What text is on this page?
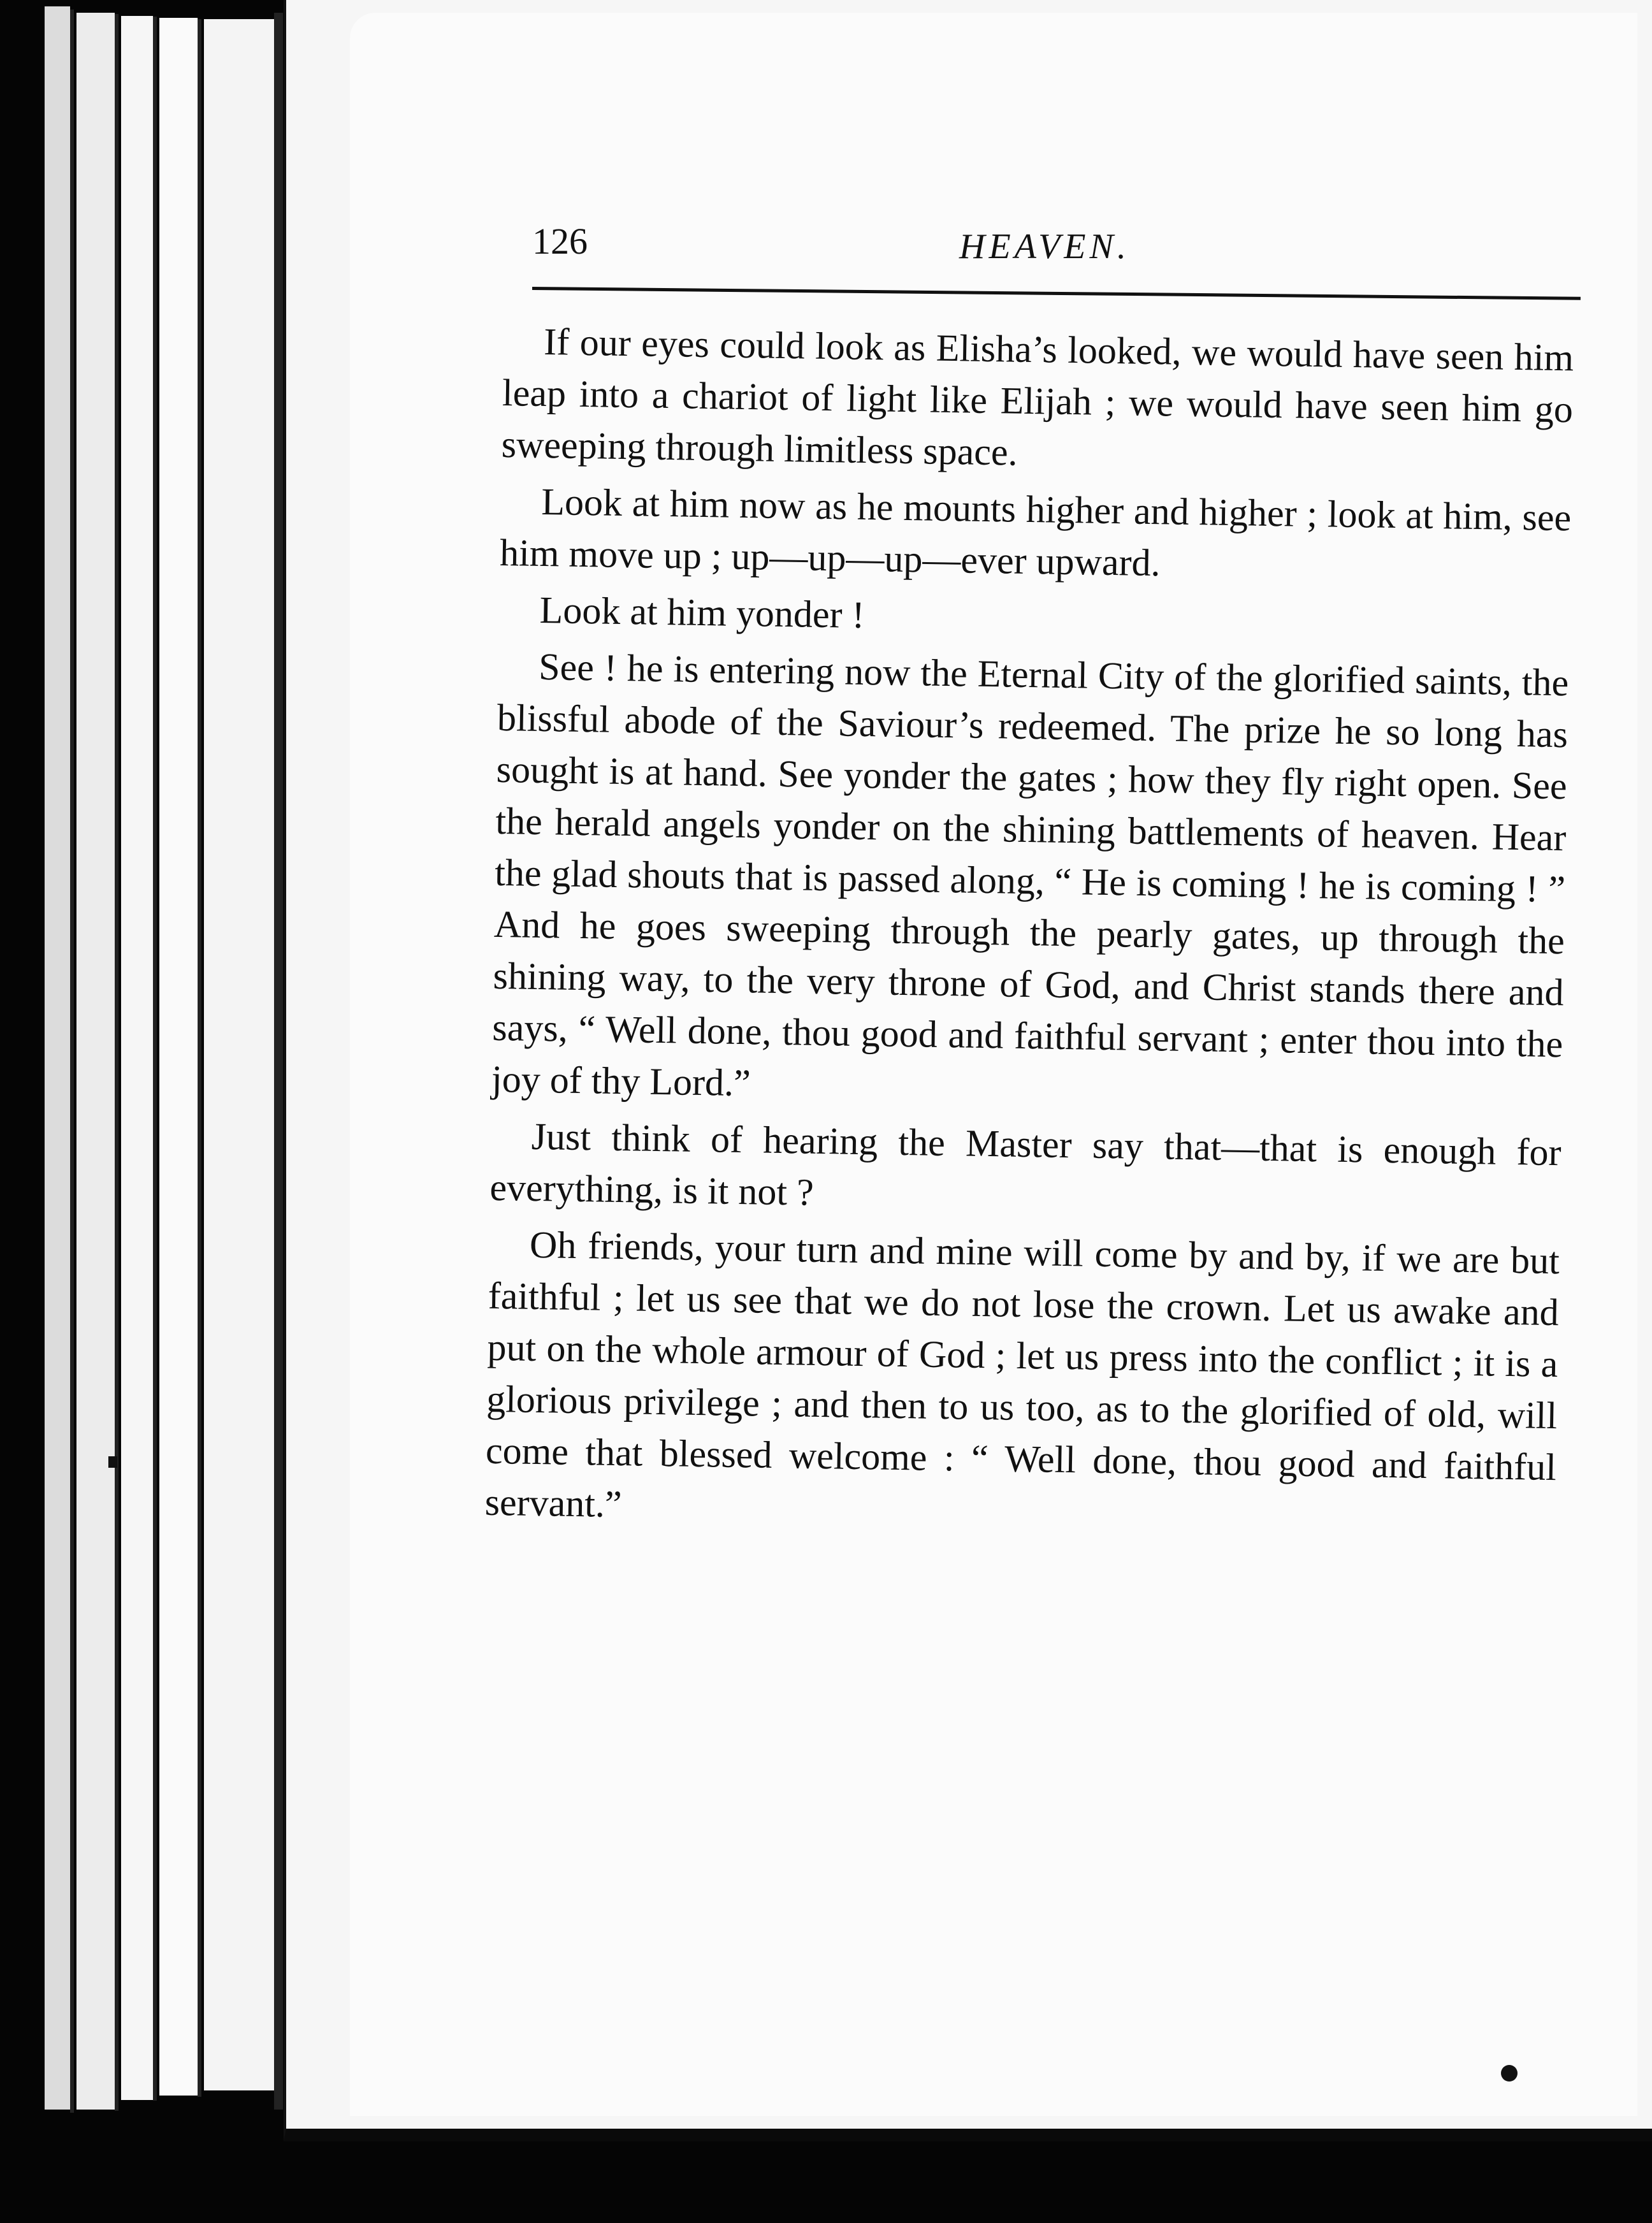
126	HEAVEN.

If our eyes could look as Elisha’s looked, we would have seen him leap into a chariot of light like Elijah ; we would have seen him go sweeping through limitless space.

Look at him now as he mounts higher and higher ; look at him, see him move up ; up—up—up—ever upward.

Look at him yonder !

See ! he is entering now the Eternal City of the glorified saints, the blissful abode of the Saviour’s redeemed. The prize he so long has sought is at hand. See yonder the gates ; how they fly right open. See the herald angels yonder on the shining battlements of heaven. Hear the glad shouts that is passed along, “ He is coming ! he is coming ! ” And he goes sweeping through the pearly gates, up through the shining way, to the very throne of God, and Christ stands there and says, “ Well done, thou good and faithful servant ; enter thou into the joy of thy Lord.”

Just think of hearing the Master say that—that is enough for everything, is it not ?

Oh friends, your turn and mine will come by and by, if we are but faithful ; let us see that we do not lose the crown. Let us awake and put on the whole armour of God ; let us press into the conflict ; it is a glorious privilege ; and then to us too, as to the glorified of old, will come that blessed welcome : “ Well done, thou good and faithful servant.”
